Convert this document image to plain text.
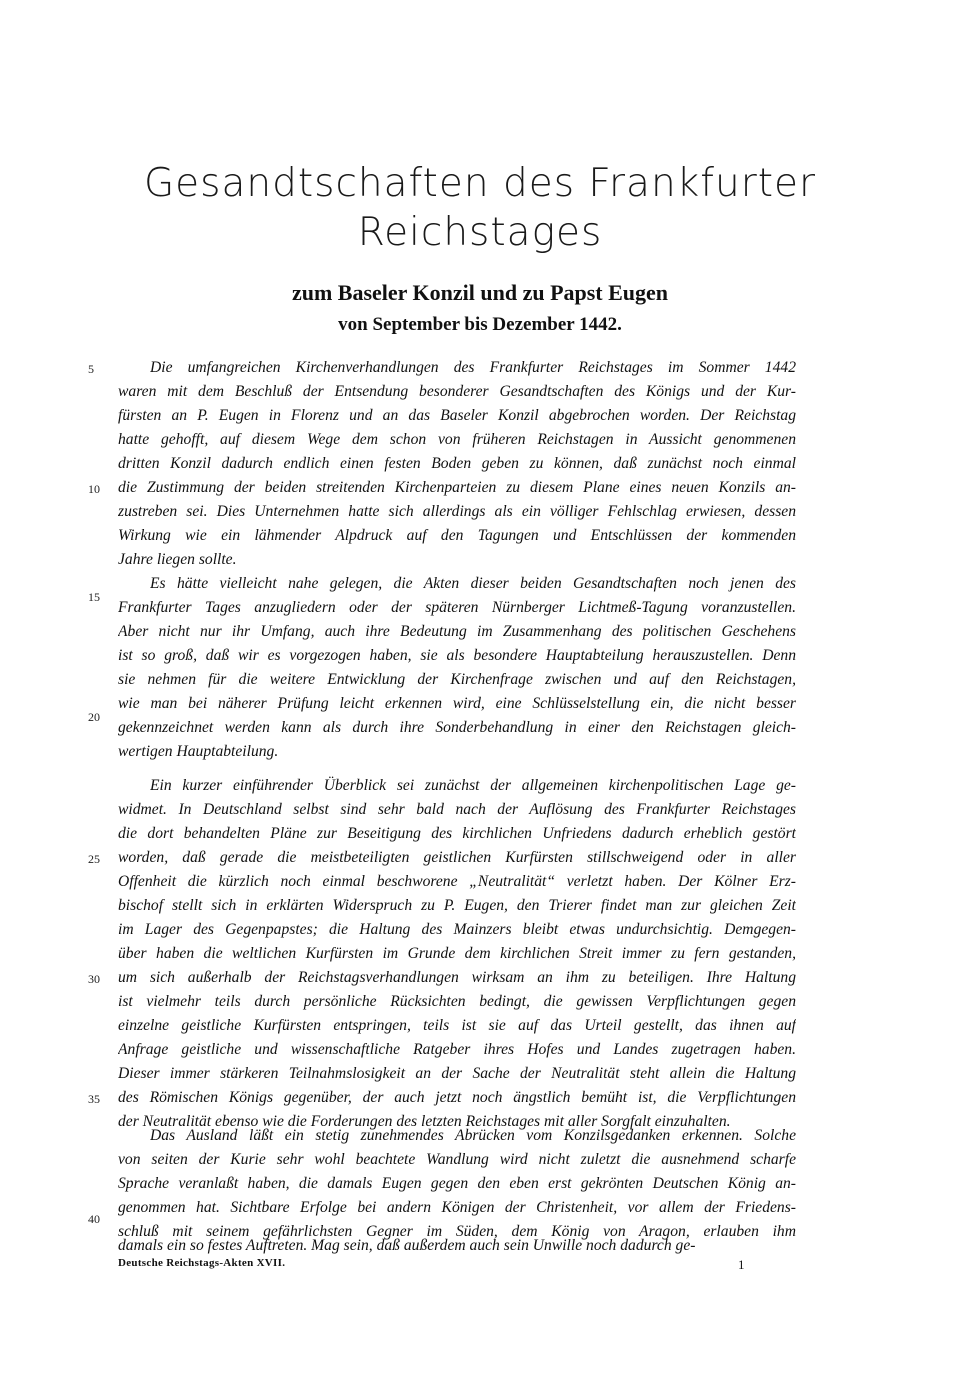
Gesandtschaften des Frankfurter
Reichstages
zum Baseler Konzil und zu Papst Eugen
von September bis Dezember 1442.
Die umfangreichen Kirchenverhandlungen des Frankfurter Reichstages im Sommer 1442
waren mit dem Beschluß der Entsendung besonderer Gesandtschaften des Königs und der Kur-
fürsten an P. Eugen in Florenz und an das Baseler Konzil abgebrochen worden. Der Reichstag
hatte gehofft, auf diesem Wege dem schon von früheren Reichstagen in Aussicht genommenen
dritten Konzil dadurch endlich einen festen Boden geben zu können, daß zunächst noch einmal
die Zustimmung der beiden streitenden Kirchenparteien zu diesem Plane eines neuen Konzils an-
zustreben sei. Dies Unternehmen hatte sich allerdings als ein völliger Fehlschlag erwiesen, dessen
Wirkung wie ein lähmender Alpdruck auf den Tagungen und Entschlüssen der kommenden
Jahre liegen sollte.
Es hätte vielleicht nahe gelegen, die Akten dieser beiden Gesandtschaften noch jenen des
Frankfurter Tages anzugliedern oder der späteren Nürnberger Lichtmeß-Tagung voranzustellen.
Aber nicht nur ihr Umfang, auch ihre Bedeutung im Zusammenhang des politischen Geschehens
ist so groß, daß wir es vorgezogen haben, sie als besondere Hauptabteilung herauszustellen. Denn
sie nehmen für die weitere Entwicklung der Kirchenfrage zwischen und auf den Reichstagen,
wie man bei näherer Prüfung leicht erkennen wird, eine Schlüsselstellung ein, die nicht besser
gekennzeichnet werden kann als durch ihre Sonderbehandlung in einer den Reichstagen gleich-
wertigen Hauptabteilung.
Ein kurzer einführender Überblick sei zunächst der allgemeinen kirchenpolitischen Lage ge-
widmet. In Deutschland selbst sind sehr bald nach der Auflösung des Frankfurter Reichstages
die dort behandelten Pläne zur Beseitigung des kirchlichen Unfriedens dadurch erheblich gestört
worden, daß gerade die meistbeteiligten geistlichen Kurfürsten stillschweigend oder in aller
Offenheit die kürzlich noch einmal beschworene „Neutralität“ verletzt haben. Der Kölner Erz-
bischof stellt sich in erklärten Widerspruch zu P. Eugen, den Trierer findet man zur gleichen Zeit
im Lager des Gegenpapstes; die Haltung des Mainzers bleibt etwas undurchsichtig. Demgegen-
über haben die weltlichen Kurfürsten im Grunde dem kirchlichen Streit immer zu fern gestanden,
um sich außerhalb der Reichstagsverhandlungen wirksam an ihm zu beteiligen. Ihre Haltung
ist vielmehr teils durch persönliche Rücksichten bedingt, die gewissen Verpflichtungen gegen
einzelne geistliche Kurfürsten entspringen, teils ist sie auf das Urteil gestellt, das ihnen auf
Anfrage geistliche und wissenschaftliche Ratgeber ihres Hofes und Landes zugetragen haben.
Dieser immer stärkeren Teilnahmslosigkeit an der Sache der Neutralität steht allein die Haltung
des Römischen Königs gegenüber, der auch jetzt noch ängstlich bemüht ist, die Verpflichtungen
der Neutralität ebenso wie die Forderungen des letzten Reichstages mit aller Sorgfalt einzuhalten.
Das Ausland läßt ein stetig zunehmendes Abrücken vom Konzilsgedanken erkennen. Solche
von seiten der Kurie sehr wohl beachtete Wandlung wird nicht zuletzt die ausnehmend scharfe
Sprache veranlaßt haben, die damals Eugen gegen den eben erst gekrönten Deutschen König an-
genommen hat. Sichtbare Erfolge bei andern Königen der Christenheit, vor allem der Friedens-
schluß mit seinem gefährlichsten Gegner im Süden, dem König von Aragon, erlauben ihm
damals ein so festes Auftreten. Mag sein, daß außerdem auch sein Unwille noch dadurch ge-
5
10
15
20
25
30
35
40
Deutsche Reichstags-Akten XVII.	1
